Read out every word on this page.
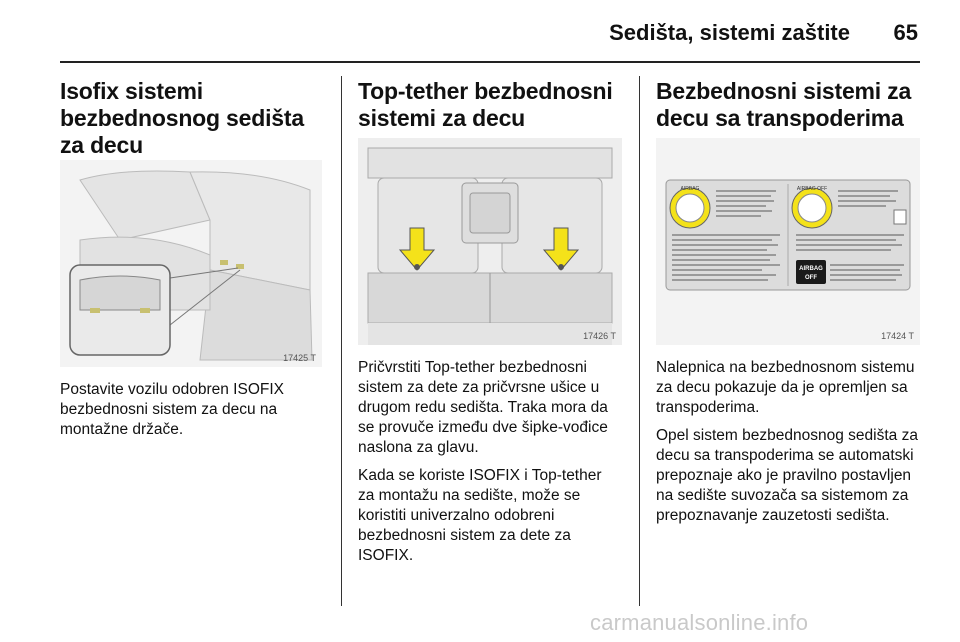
Sedišta, sistemi zaštite	65
Isofix sistemi bezbednosnog sedišta za decu
17425 T

Postavite vozilu odobren ISOFIX bezbednosni sistem za decu na montažne držače.

Top-tether bezbednosni sistemi za decu
17426 T

Pričvrstiti Top-tether bezbednosni sistem za dete za pričvrsne ušice u drugom redu sedišta. Traka mora da se provuče između dve šipke-vođice naslona za glavu.

Kada se koriste ISOFIX i Top-tether za montažu na sedište, može se koristiti univerzalno odobreni bezbednosni sistem za dete za ISOFIX.

Bezbednosni sistemi za decu sa transpoderima
AIRBAG	AIRBAG OFF
AIRBAG
OFF
17424 T

Nalepnica na bezbednosnom sistemu za decu pokazuje da je opremljen sa transpoderima.

Opel sistem bezbednosnog sedišta za decu sa transpoderima se automatski prepoznaje ako je pravilno postavljen na sedište suvozača sa sistemom za prepoznavanje zauzetosti sedišta.

carmanualsonline.info
